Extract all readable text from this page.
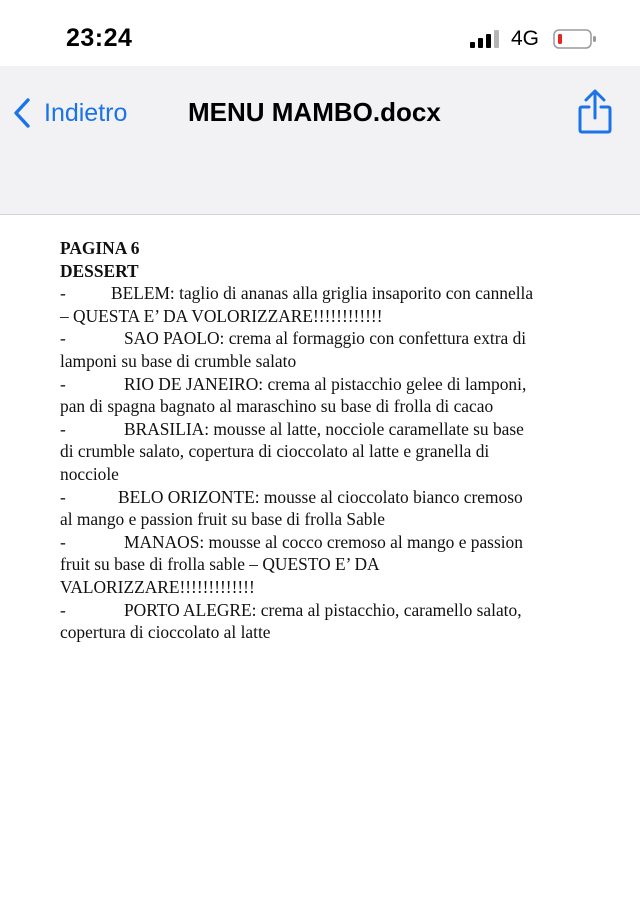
23:24	4G
Indietro MENU MAMBO.docx
PAGINA 6
DESSERT
-	BELEM: taglio di ananas alla griglia insaporito con cannella
– QUESTA E’ DA VOLORIZZARE!!!!!!!!!!!!
-	SAO PAOLO: crema al formaggio con confettura extra di
lamponi su base di crumble salato
-	RIO DE JANEIRO: crema al pistacchio gelee di lamponi,
pan di spagna bagnato al maraschino su base di frolla di cacao
-	BRASILIA: mousse al latte, nocciole caramellate su base
di crumble salato, copertura di cioccolato al latte e granella di
nocciole
-	BELO ORIZONTE: mousse al cioccolato bianco cremoso
al mango e passion fruit su base di frolla Sable
-	MANAOS: mousse al cocco cremoso al mango e passion
fruit su base di frolla sable – QUESTO E’ DA
VALORIZZARE!!!!!!!!!!!!!
-	PORTO ALEGRE: crema al pistacchio, caramello salato,
copertura di cioccolato al latte
